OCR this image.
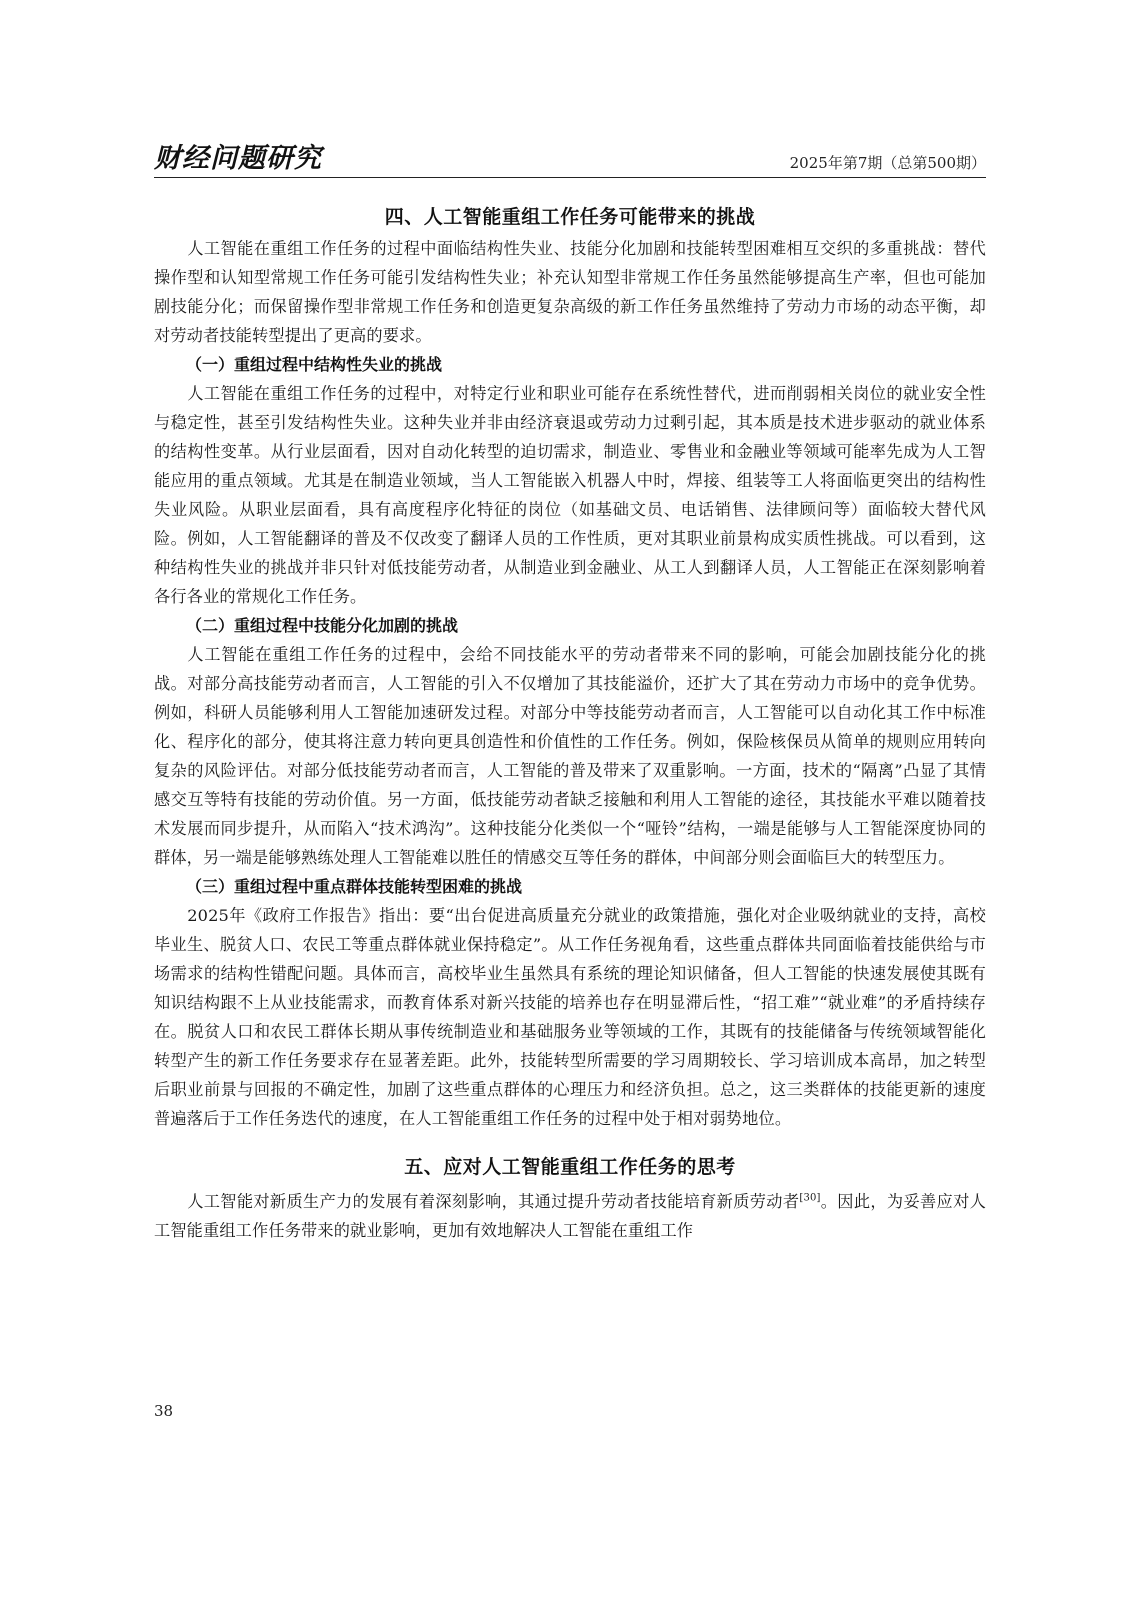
财经问题研究	2025年第7期（总第500期）
四、人工智能重组工作任务可能带来的挑战

人工智能在重组工作任务的过程中面临结构性失业、技能分化加剧和技能转型困难相互交织的多重挑战：替代操作型和认知型常规工作任务可能引发结构性失业；补充认知型非常规工作任务虽然能够提高生产率，但也可能加剧技能分化；而保留操作型非常规工作任务和创造更复杂高级的新工作任务虽然维持了劳动力市场的动态平衡，却对劳动者技能转型提出了更高的要求。

（一）重组过程中结构性失业的挑战

人工智能在重组工作任务的过程中，对特定行业和职业可能存在系统性替代，进而削弱相关岗位的就业安全性与稳定性，甚至引发结构性失业。这种失业并非由经济衰退或劳动力过剩引起，其本质是技术进步驱动的就业体系的结构性变革。从行业层面看，因对自动化转型的迫切需求，制造业、零售业和金融业等领域可能率先成为人工智能应用的重点领域。尤其是在制造业领域，当人工智能嵌入机器人中时，焊接、组装等工人将面临更突出的结构性失业风险。从职业层面看，具有高度程序化特征的岗位（如基础文员、电话销售、法律顾问等）面临较大替代风险。例如，人工智能翻译的普及不仅改变了翻译人员的工作性质，更对其职业前景构成实质性挑战。可以看到，这种结构性失业的挑战并非只针对低技能劳动者，从制造业到金融业、从工人到翻译人员，人工智能正在深刻影响着各行各业的常规化工作任务。

（二）重组过程中技能分化加剧的挑战

人工智能在重组工作任务的过程中，会给不同技能水平的劳动者带来不同的影响，可能会加剧技能分化的挑战。对部分高技能劳动者而言，人工智能的引入不仅增加了其技能溢价，还扩大了其在劳动力市场中的竞争优势。例如，科研人员能够利用人工智能加速研发过程。对部分中等技能劳动者而言，人工智能可以自动化其工作中标准化、程序化的部分，使其将注意力转向更具创造性和价值性的工作任务。例如，保险核保员从简单的规则应用转向复杂的风险评估。对部分低技能劳动者而言，人工智能的普及带来了双重影响。一方面，技术的“隔离”凸显了其情感交互等特有技能的劳动价值。另一方面，低技能劳动者缺乏接触和利用人工智能的途径，其技能水平难以随着技术发展而同步提升，从而陷入“技术鸿沟”。这种技能分化类似一个“哑铃”结构，一端是能够与人工智能深度协同的群体，另一端是能够熟练处理人工智能难以胜任的情感交互等任务的群体，中间部分则会面临巨大的转型压力。

（三）重组过程中重点群体技能转型困难的挑战

2025年《政府工作报告》指出：要“出台促进高质量充分就业的政策措施，强化对企业吸纳就业的支持，高校毕业生、脱贫人口、农民工等重点群体就业保持稳定”。从工作任务视角看，这些重点群体共同面临着技能供给与市场需求的结构性错配问题。具体而言，高校毕业生虽然具有系统的理论知识储备，但人工智能的快速发展使其既有知识结构跟不上从业技能需求，而教育体系对新兴技能的培养也存在明显滞后性，“招工难”“就业难”的矛盾持续存在。脱贫人口和农民工群体长期从事传统制造业和基础服务业等领域的工作，其既有的技能储备与传统领域智能化转型产生的新工作任务要求存在显著差距。此外，技能转型所需要的学习周期较长、学习培训成本高昂，加之转型后职业前景与回报的不确定性，加剧了这些重点群体的心理压力和经济负担。总之，这三类群体的技能更新的速度普遍落后于工作任务迭代的速度，在人工智能重组工作任务的过程中处于相对弱势地位。

五、应对人工智能重组工作任务的思考

人工智能对新质生产力的发展有着深刻影响，其通过提升劳动者技能培育新质劳动者[30]。因此，为妥善应对人工智能重组工作任务带来的就业影响，更加有效地解决人工智能在重组工作

38
